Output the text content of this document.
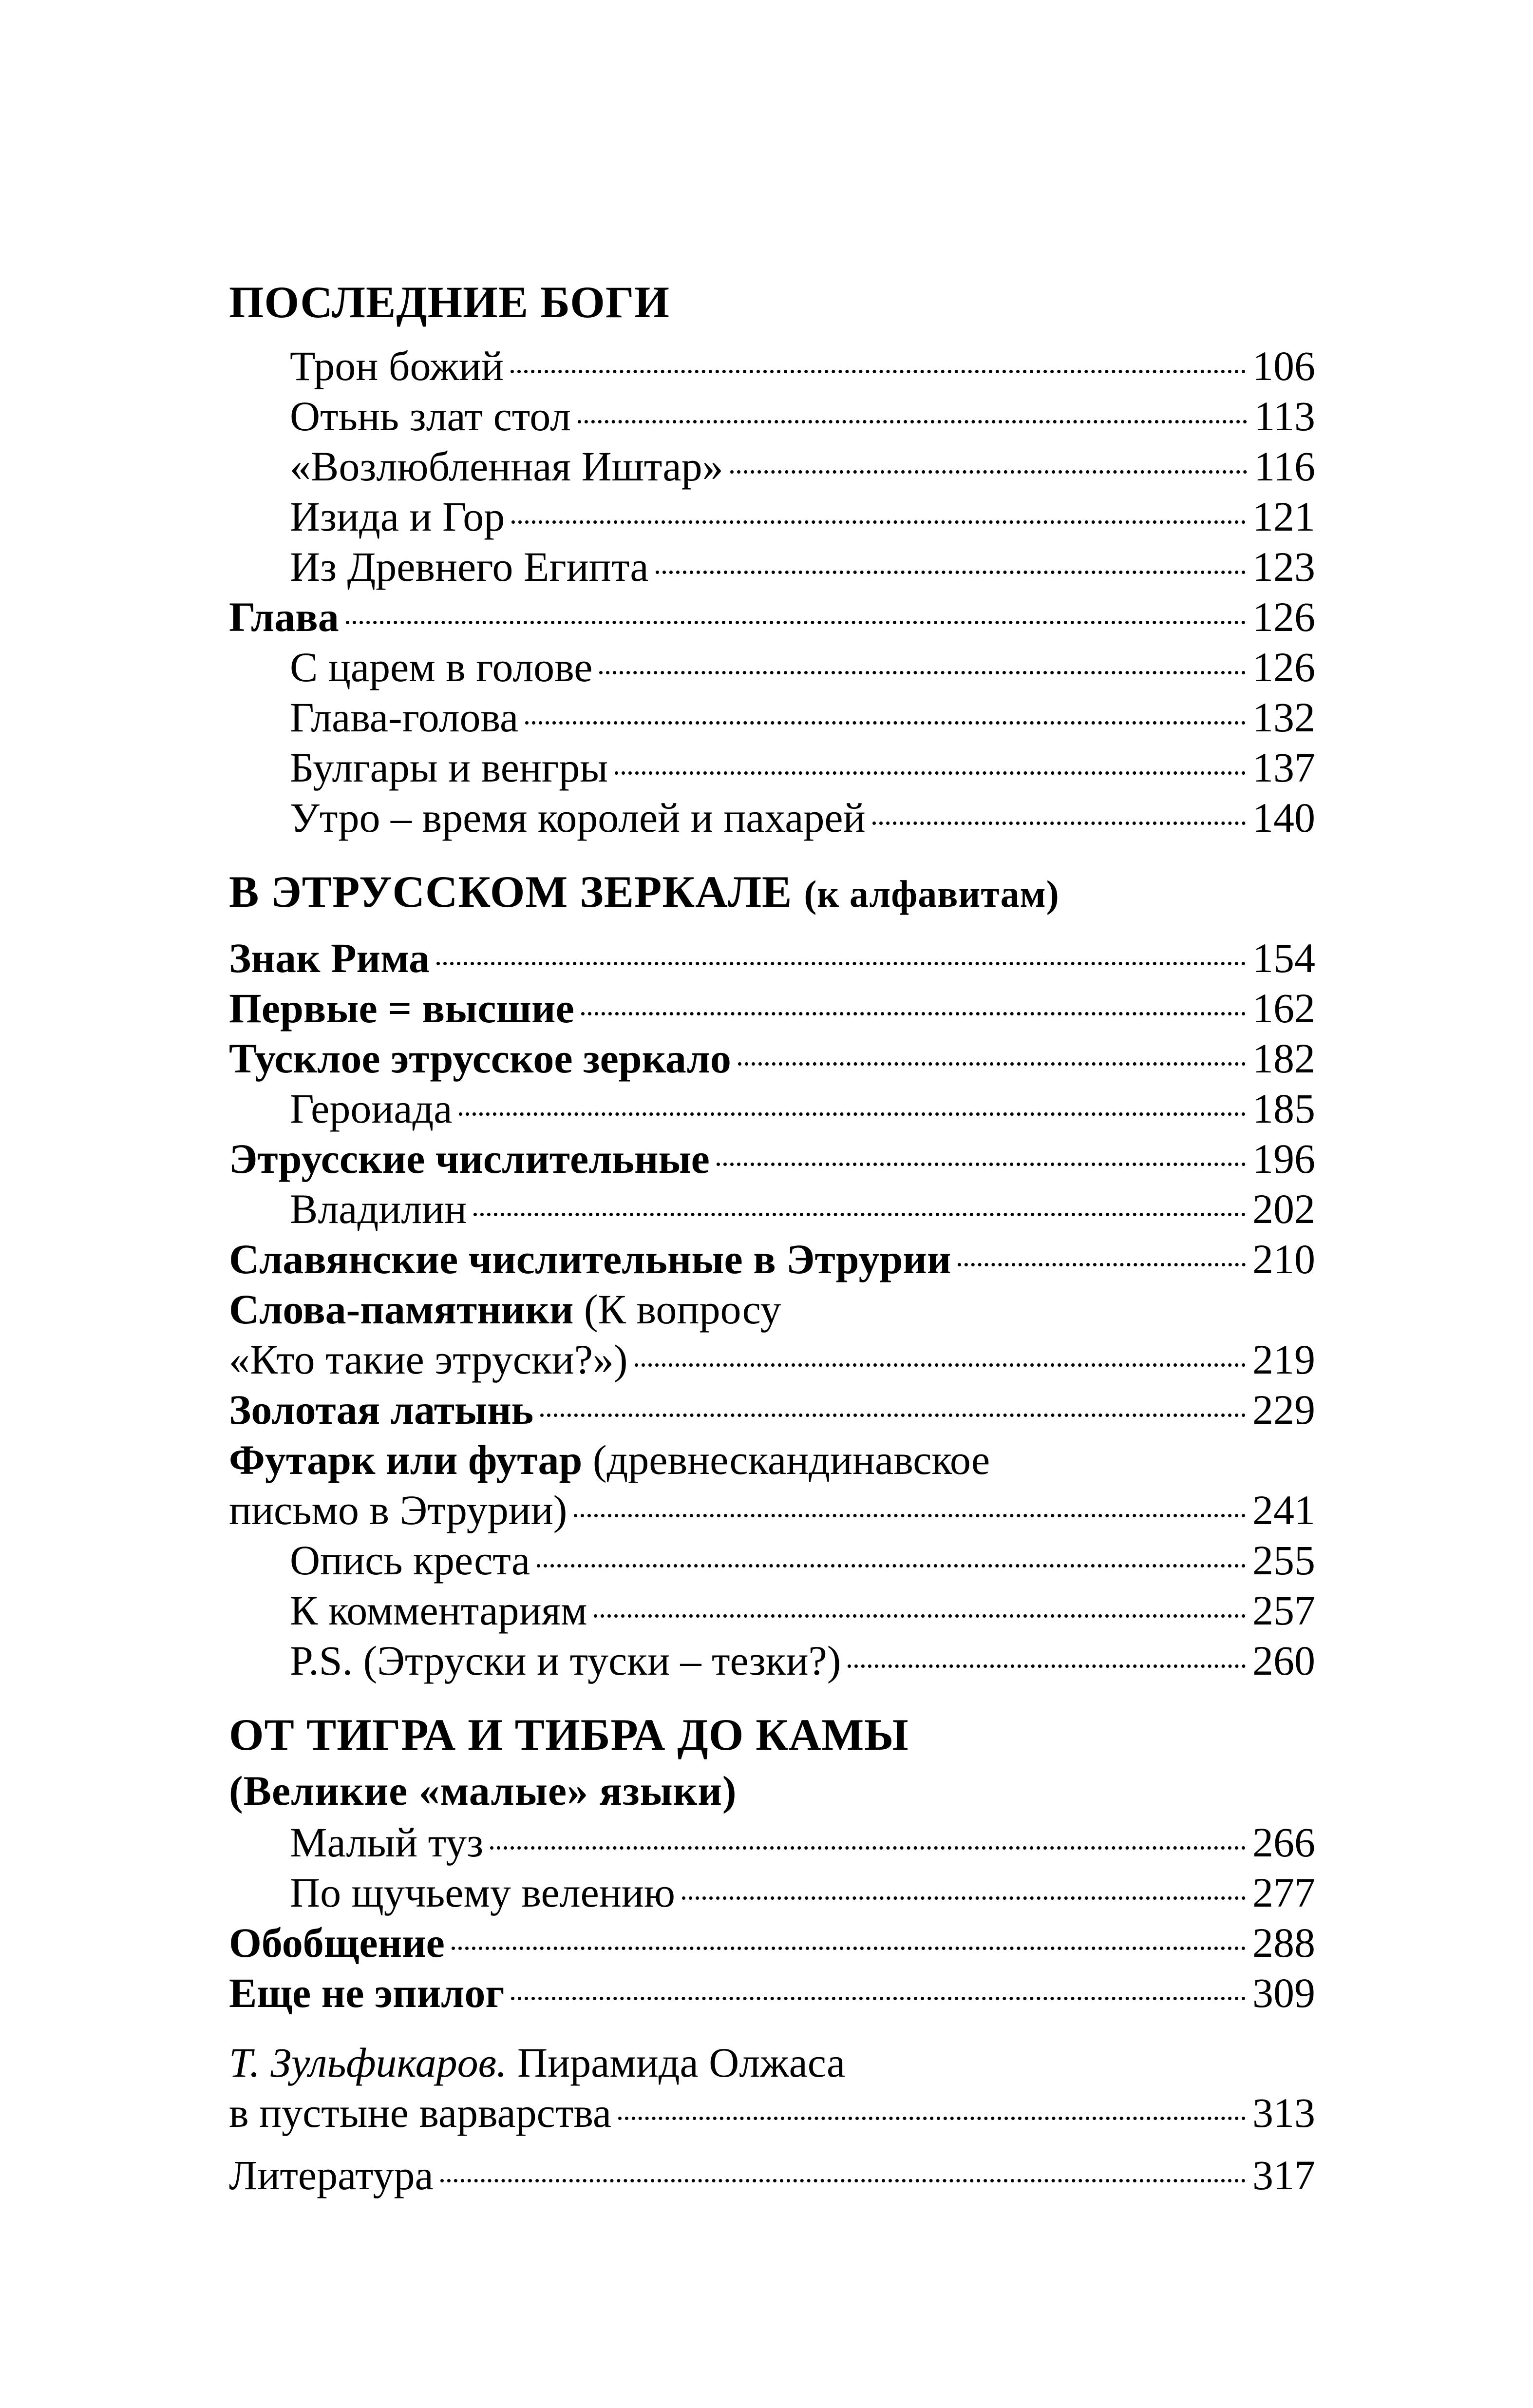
ПОСЛЕДНИЕ БОГИ
Трон божий	106
Отьнь злат стол	113
«Возлюбленная Иштар»	116
Изида и Гор	121
Из Древнего Египта	123
Глава	126
С царем в голове	126
Глава-голова	132
Булгары и венгры	137
Утро – время королей и пахарей	140
В ЭТРУССКОМ ЗЕРКАЛЕ (к алфавитам)
Знак Рима	154
Первые = высшие	162
Тусклое этрусское зеркало	182
Героиада	185
Этрусские числительные	196
Владилин	202
Славянские числительные в Этрурии	210
Слова-памятники (К вопросу
«Кто такие этруски?»)	219
Золотая латынь	229
Футарк или футар (древнескандинавское
письмо в Этрурии)	241
Опись креста	255
К комментариям	257
P.S. (Этруски и туски – тезки?)	260
ОТ ТИГРА И ТИБРА ДО КАМЫ
(Великие «малые» языки)
Малый туз	266
По щучьему велению	277
Обобщение	288
Еще не эпилог	309
Т. Зульфикаров. Пирамида Олжаса
в пустыне варварства	313
Литература	317
